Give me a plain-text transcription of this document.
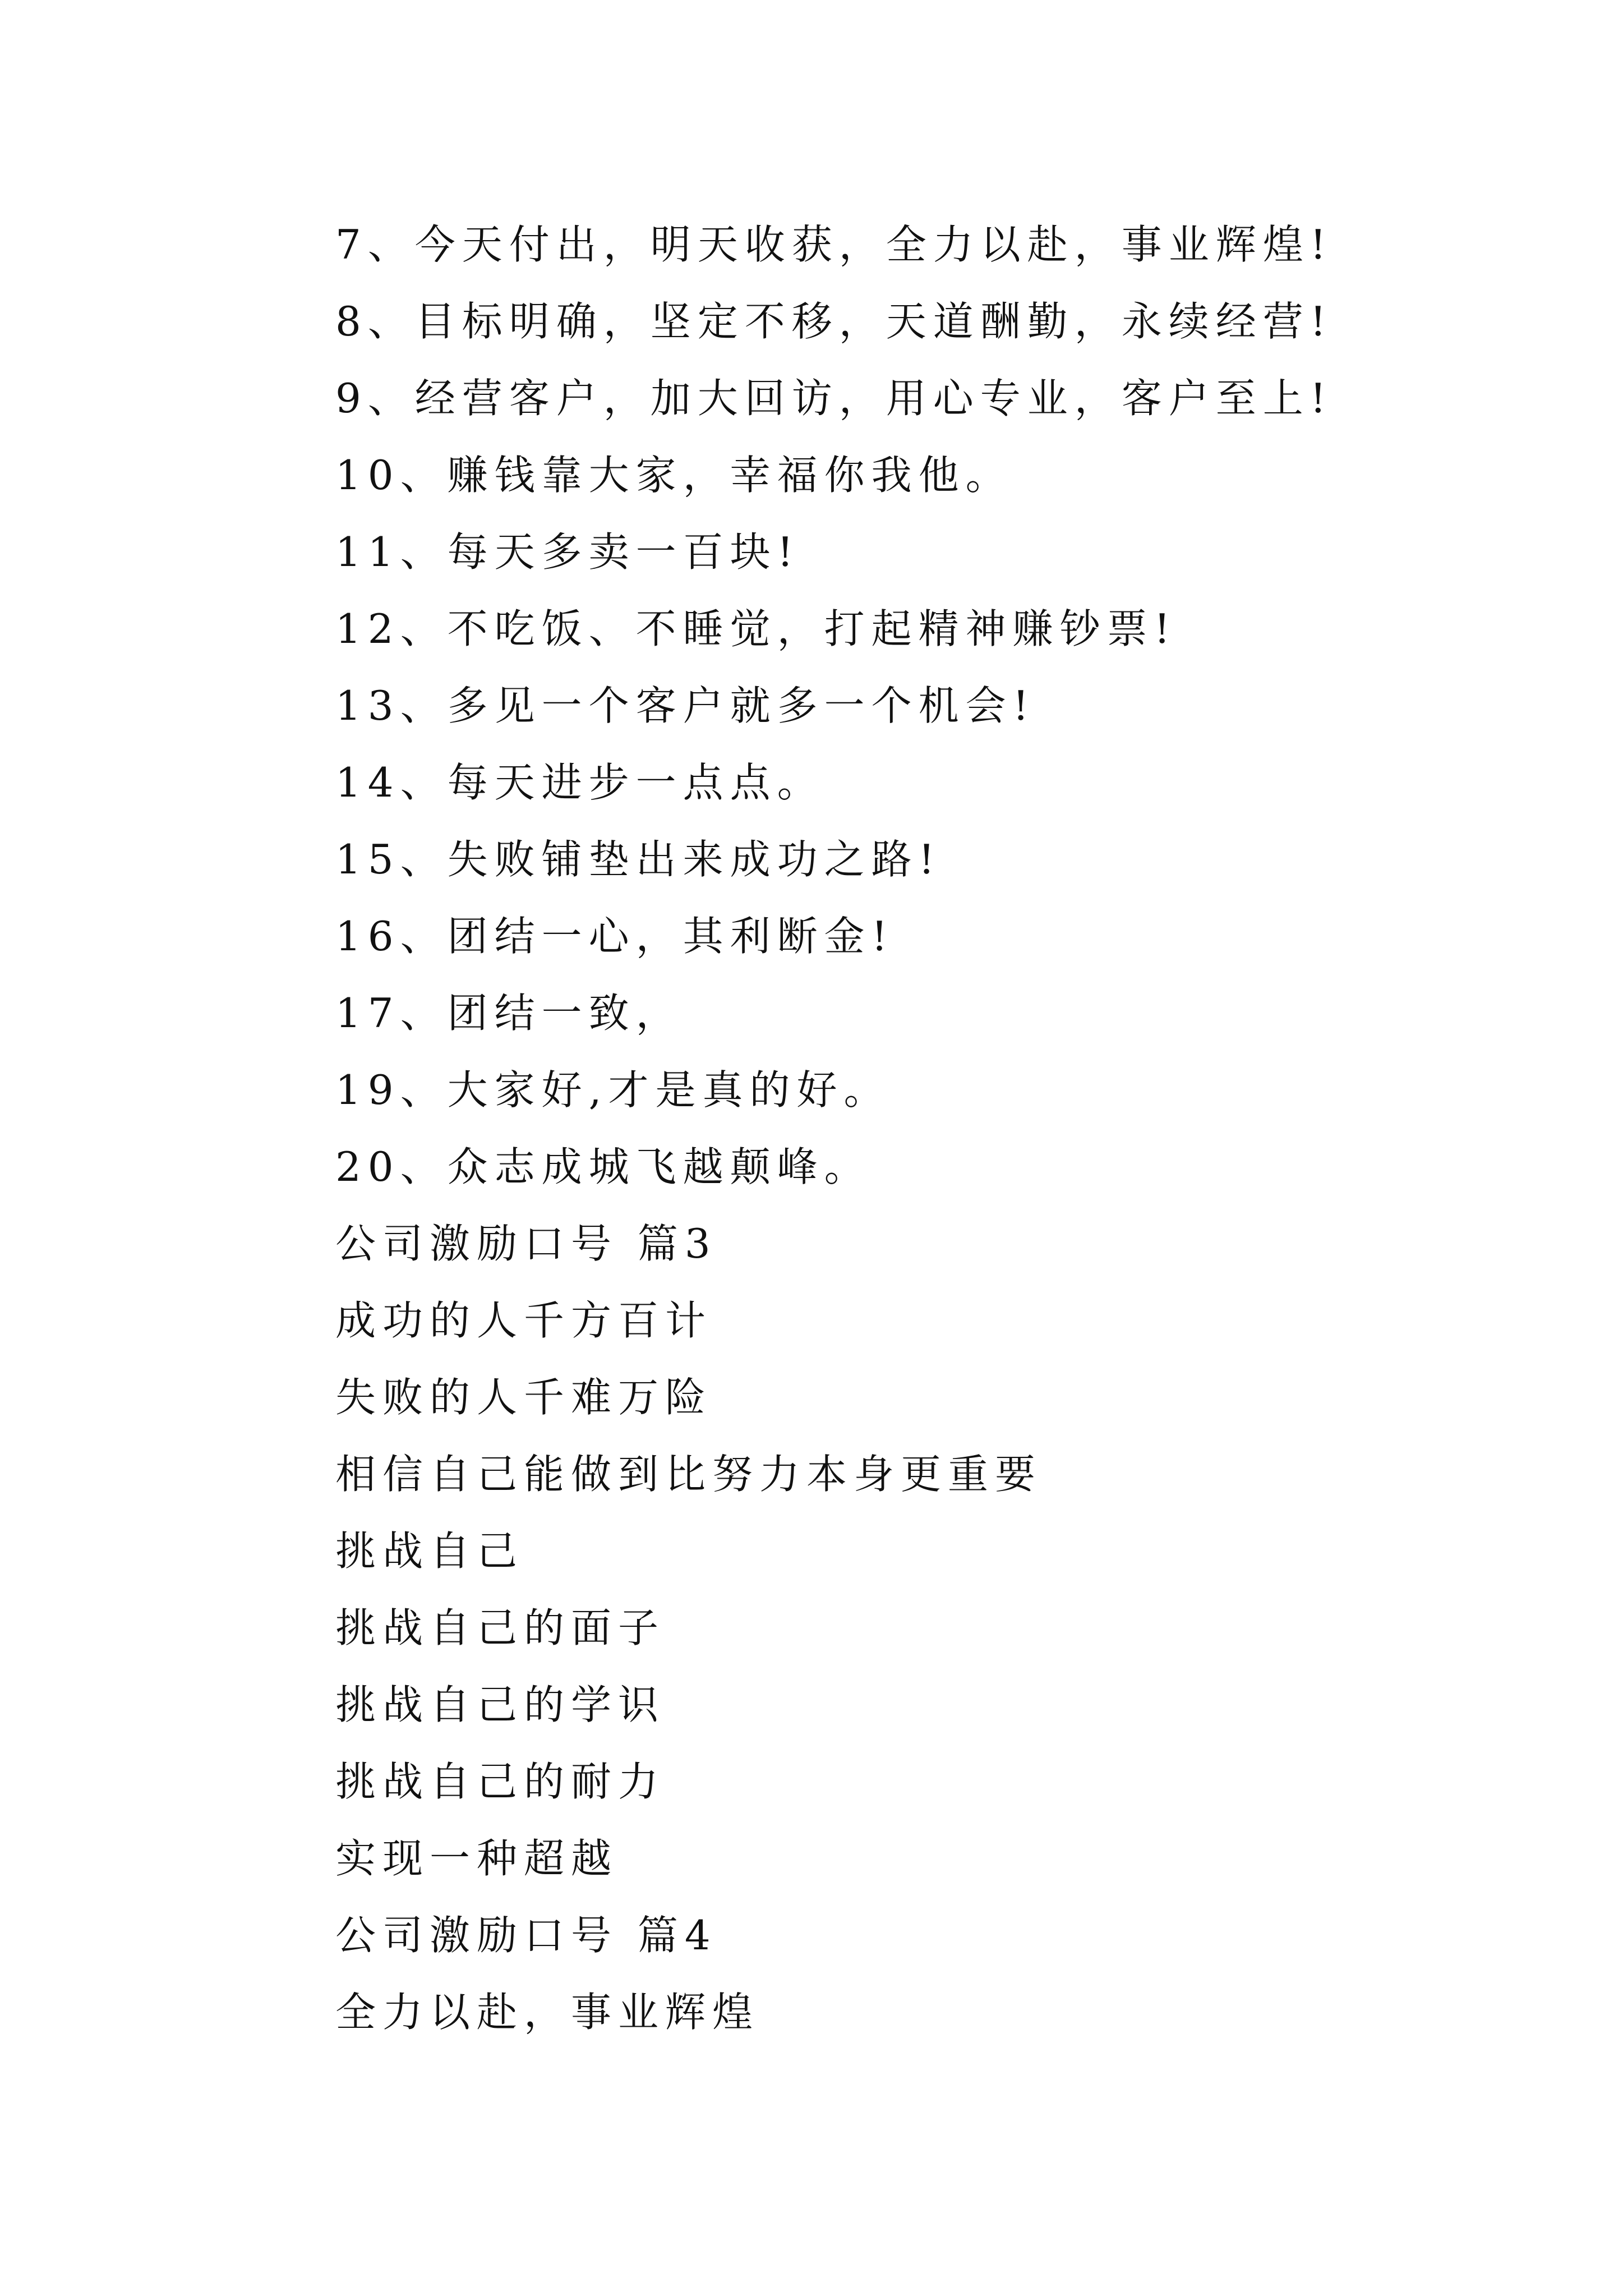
7、今天付出，明天收获，全力以赴，事业辉煌!
8、目标明确，坚定不移，天道酬勤，永续经营!
9、经营客户，加大回访，用心专业，客户至上!
10、赚钱靠大家，幸福你我他。
11、每天多卖一百块!
12、不吃饭、不睡觉，打起精神赚钞票!
13、多见一个客户就多一个机会!
14、每天进步一点点。
15、失败铺垫出来成功之路!
16、团结一心，其利断金!
17、团结一致，
19、大家好,才是真的好。
20、众志成城飞越颠峰。
公司激励口号 篇3
成功的人千方百计
失败的人千难万险
相信自己能做到比努力本身更重要
挑战自己
挑战自己的面子
挑战自己的学识
挑战自己的耐力
实现一种超越
公司激励口号 篇4
全力以赴，事业辉煌
